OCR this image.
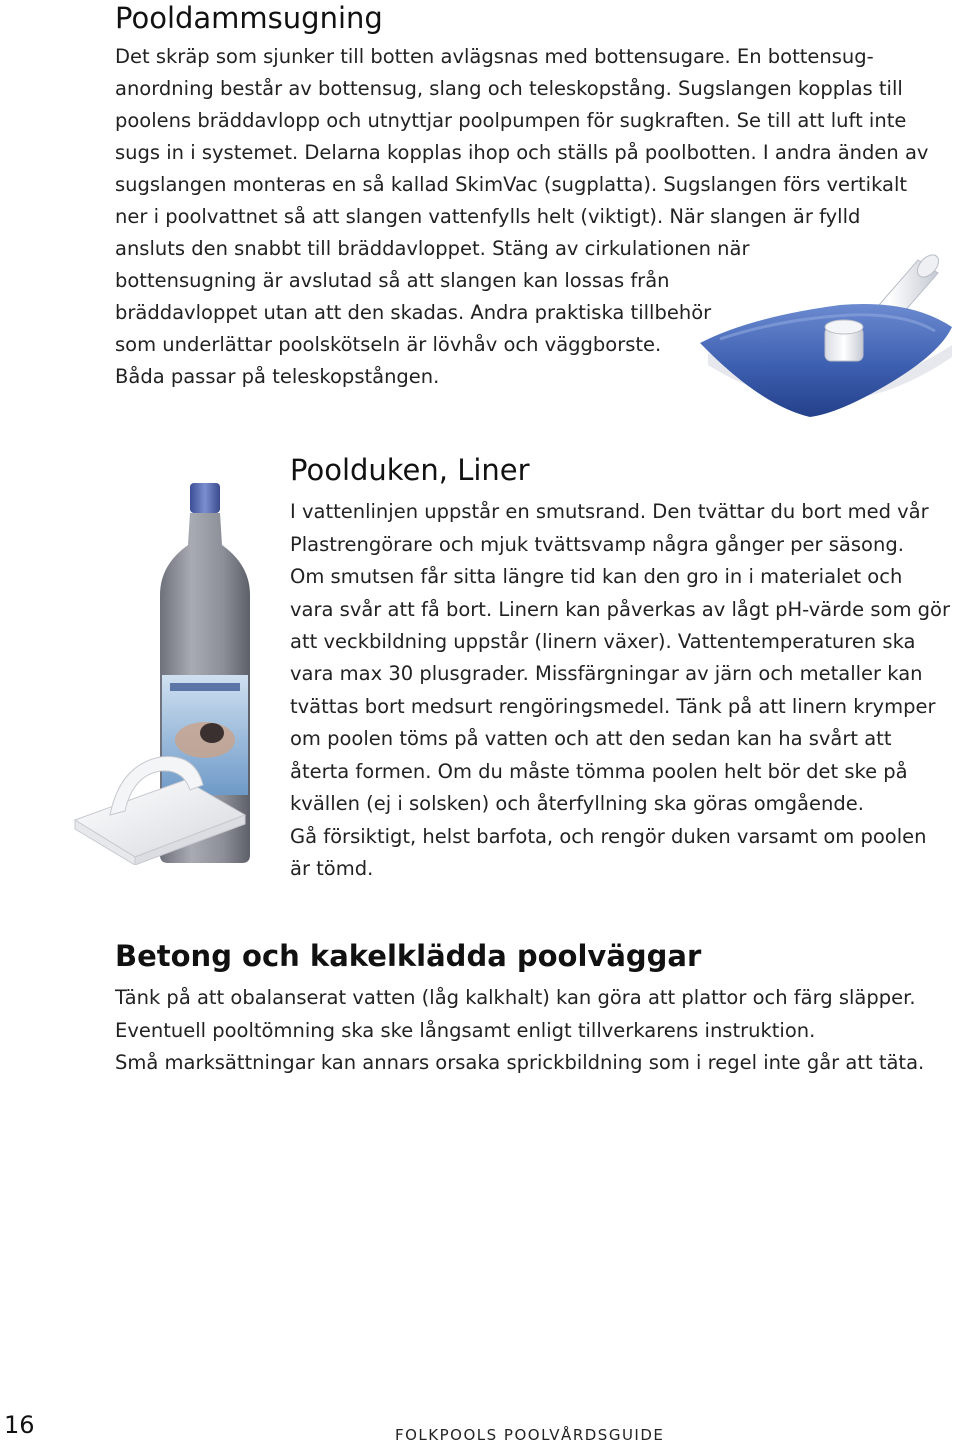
Pooldammsugning
Det skräp som sjunker till botten avlägsnas med bottensugare. En bottensug-
anordning består av bottensug, slang och teleskopstång. Sugslangen kopplas till
poolens bräddavlopp och utnyttjar poolpumpen för sugkraften. Se till att luft inte
sugs in i systemet. Delarna kopplas ihop och ställs på poolbotten. I andra änden av
sugslangen monteras en så kallad SkimVac (sugplatta). Sugslangen förs vertikalt
ner i poolvattnet så att slangen vattenfylls helt (viktigt). När slangen är fylld
ansluts den snabbt till bräddavloppet. Stäng av cirkulationen när
bottensugning är avslutad så att slangen kan lossas från
bräddavloppet utan att den skadas. Andra praktiska tillbehör
som underlättar poolskötseln är lövhåv och väggborste.
Båda passar på teleskopstången.
Poolduken, Liner
I vattenlinjen uppstår en smutsrand. Den tvättar du bort med vår
Plastrengörare och mjuk tvättsvamp några gånger per säsong.
Om smutsen får sitta längre tid kan den gro in i materialet och
vara svår att få bort. Linern kan påverkas av lågt pH-värde som gör
att veckbildning uppstår (linern växer). Vattentemperaturen ska
vara max 30 plusgrader. Missfärgningar av järn och metaller kan
tvättas bort medsurt rengöringsmedel. Tänk på att linern krymper
om poolen töms på vatten och att den sedan kan ha svårt att
återta formen. Om du måste tömma poolen helt bör det ske på
kvällen (ej i solsken) och återfyllning ska göras omgående.
Gå försiktigt, helst barfota, och rengör duken varsamt om poolen
är tömd.
Betong och kakelklädda poolväggar
Tänk på att obalanserat vatten (låg kalkhalt) kan göra att plattor och färg släpper.
Eventuell pooltömning ska ske långsamt enligt tillverkarens instruktion.
Små marksättningar kan annars orsaka sprickbildning som i regel inte går att täta.
16	FOLKPOOLS POOLVÅRDSGUIDE
